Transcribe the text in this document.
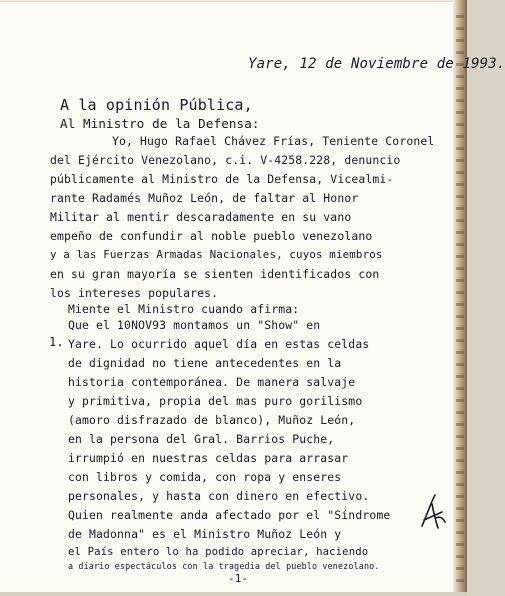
Yare, 12 de Noviembre de 1993.
A la opinión Pública,
Al Ministro de la Defensa:
Yo, Hugo Rafael Chávez Frías, Teniente Coronel
del Ejército Venezolano, c.i. V-4258.228, denuncio
públicamente al Ministro de la Defensa, Vicealmi-
rante Radamés Muñoz León, de faltar al Honor
Militar al mentir descaradamente en su vano
empeño de confundir al noble pueblo venezolano
y a las Fuerzas Armadas Nacionales, cuyos miembros
en su gran mayoría se sienten identificados con
los intereses populares.
Miente el Ministro cuando afirma:
1.
Que el 10NOV93 montamos un "Show" en
Yare. Lo ocurrido aquel día en estas celdas
de dignidad no tiene antecedentes en la
historia contemporánea. De manera salvaje
y primitiva, propia del mas puro gorilismo
(amoro disfrazado de blanco), Muñoz León,
en la persona del Gral. Barrios Puche,
irrumpió en nuestras celdas para arrasar
con libros y comida, con ropa y enseres
personales, y hasta con dinero en efectivo.
Quien realmente anda afectado por el "Síndrome
de Madonna" es el Ministro Muñoz León y
el País entero lo ha podido apreciar, haciendo
a diario espectáculos con la tragedia del pueblo venezolano.
-1-
